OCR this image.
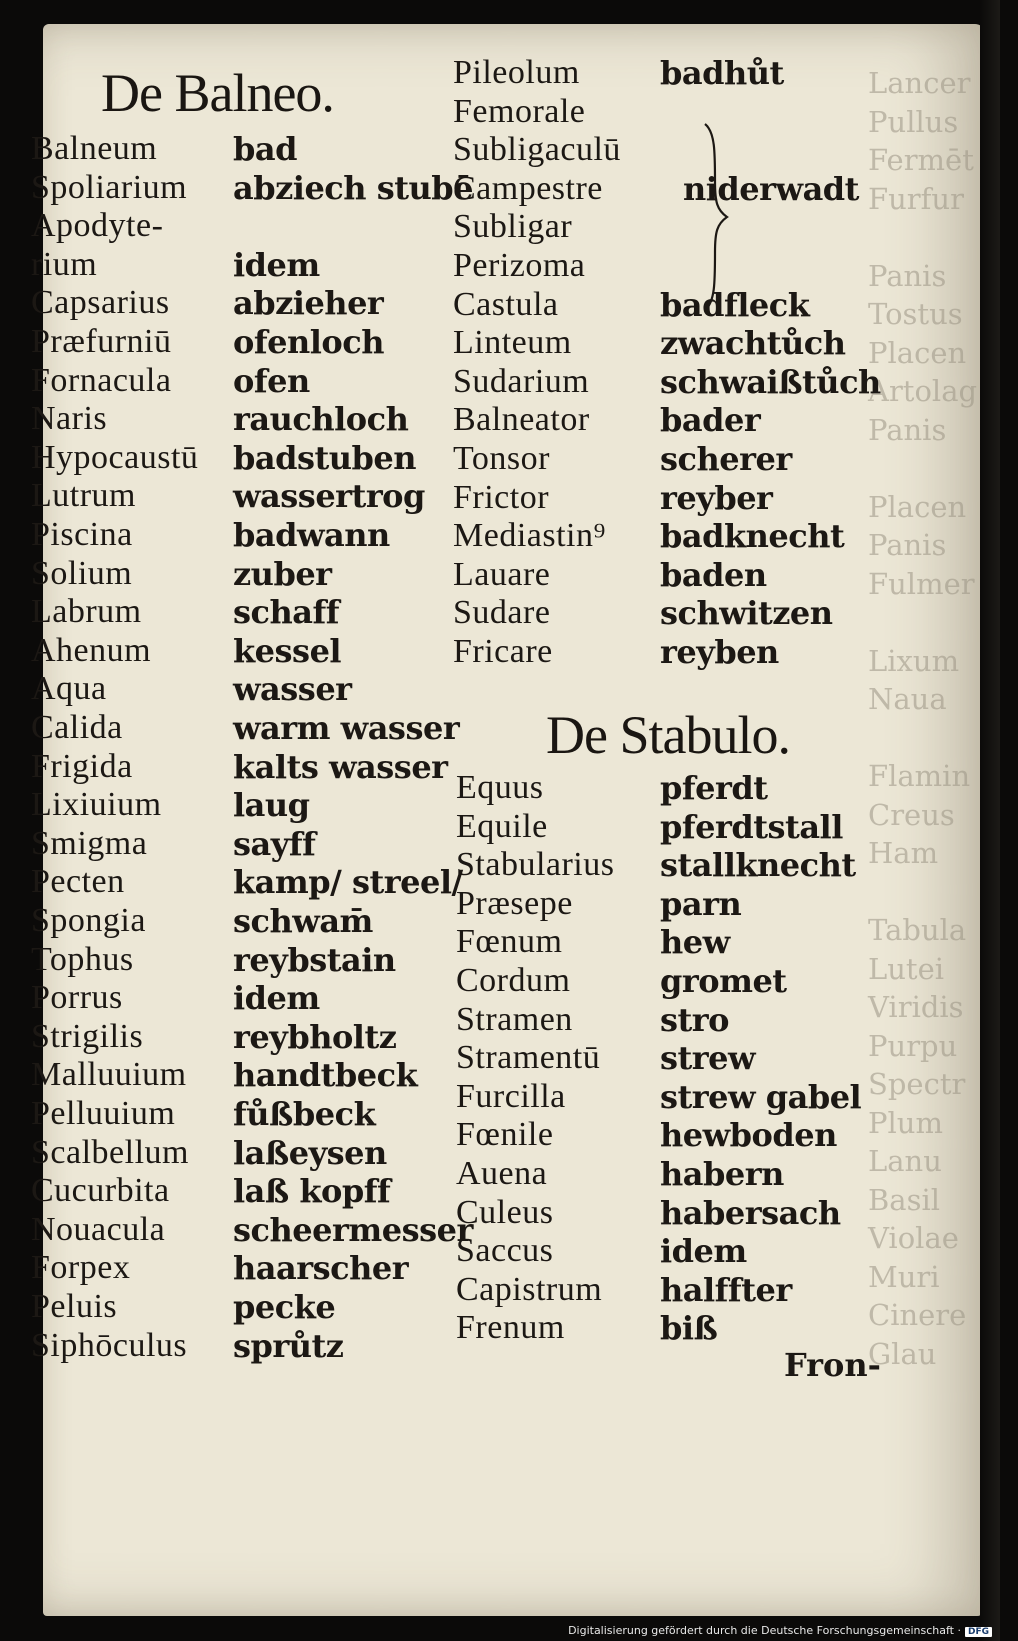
Lancer
Pullus
Fermēt
Furfur

Panis
Tostus
Placen
Artolag
Panis

Placen
Panis
Fulmer

Lixum
Naua

Flamin
Creus
Ham

Tabula
Lutei
Viridis
Purpu
Spectr
Plum
Lanu
Basil
Violae
Muri
Cinere
Glau
De Balneo.
De Stabulo.
Balneum bad
Spoliarium abziech stubē
Apodyte-
rium	idem
Capsarius abzieher
Præfurniū ofenloch
Fornacula ofen
Naris	rauchloch
Hypocaustū badstuben
Lutrum	wassertrog
Piscina	badwann
Solium	zuber
Labrum	schaff
Ahenum	kessel
Aqua	wasser
Calida	warm wasser
Frigida	kalts wasser
Lixiuium laug
Smigma	sayff
Pecten	kamp/ streel/
Spongia	schwam̄
Tophus	reybstain
Porrus	idem
Strigilis	reybholtz
Malluuium handtbeck
Pelluuium fůßbeck
Scalbellum laßeysen
Cucurbita laß kopff
Nouacula scheermesser
Forpex	haarscher
Peluis	pecke
Siphōculus sprůtz
Pileolum	badhůt
Femorale
Subligaculū
Campestre	niderwadt
Subligar
Perizoma
Castula	badfleck
Linteum	zwachtůch
Sudarium schwaißtůch
Balneator bader
Tonsor	scherer
Frictor	reyber
Mediastin⁹ badknecht
Lauare	baden
Sudare	schwitzen
Fricare	reyben
Equus	pferdt
Equile	pferdtstall
Stabularius stallknecht
Præsepe	parn
Fœnum	hew
Cordum	gromet
Stramen	stro
Stramentū strew
Furcilla	strew gabel
Fœnile	hewboden
Auena	habern
Culeus	habersach
Saccus	idem
Capistrum halffter
Frenum	biß
Fron-
Digitalisierung gefördert durch die Deutsche Forschungsgemeinschaft · DFG
